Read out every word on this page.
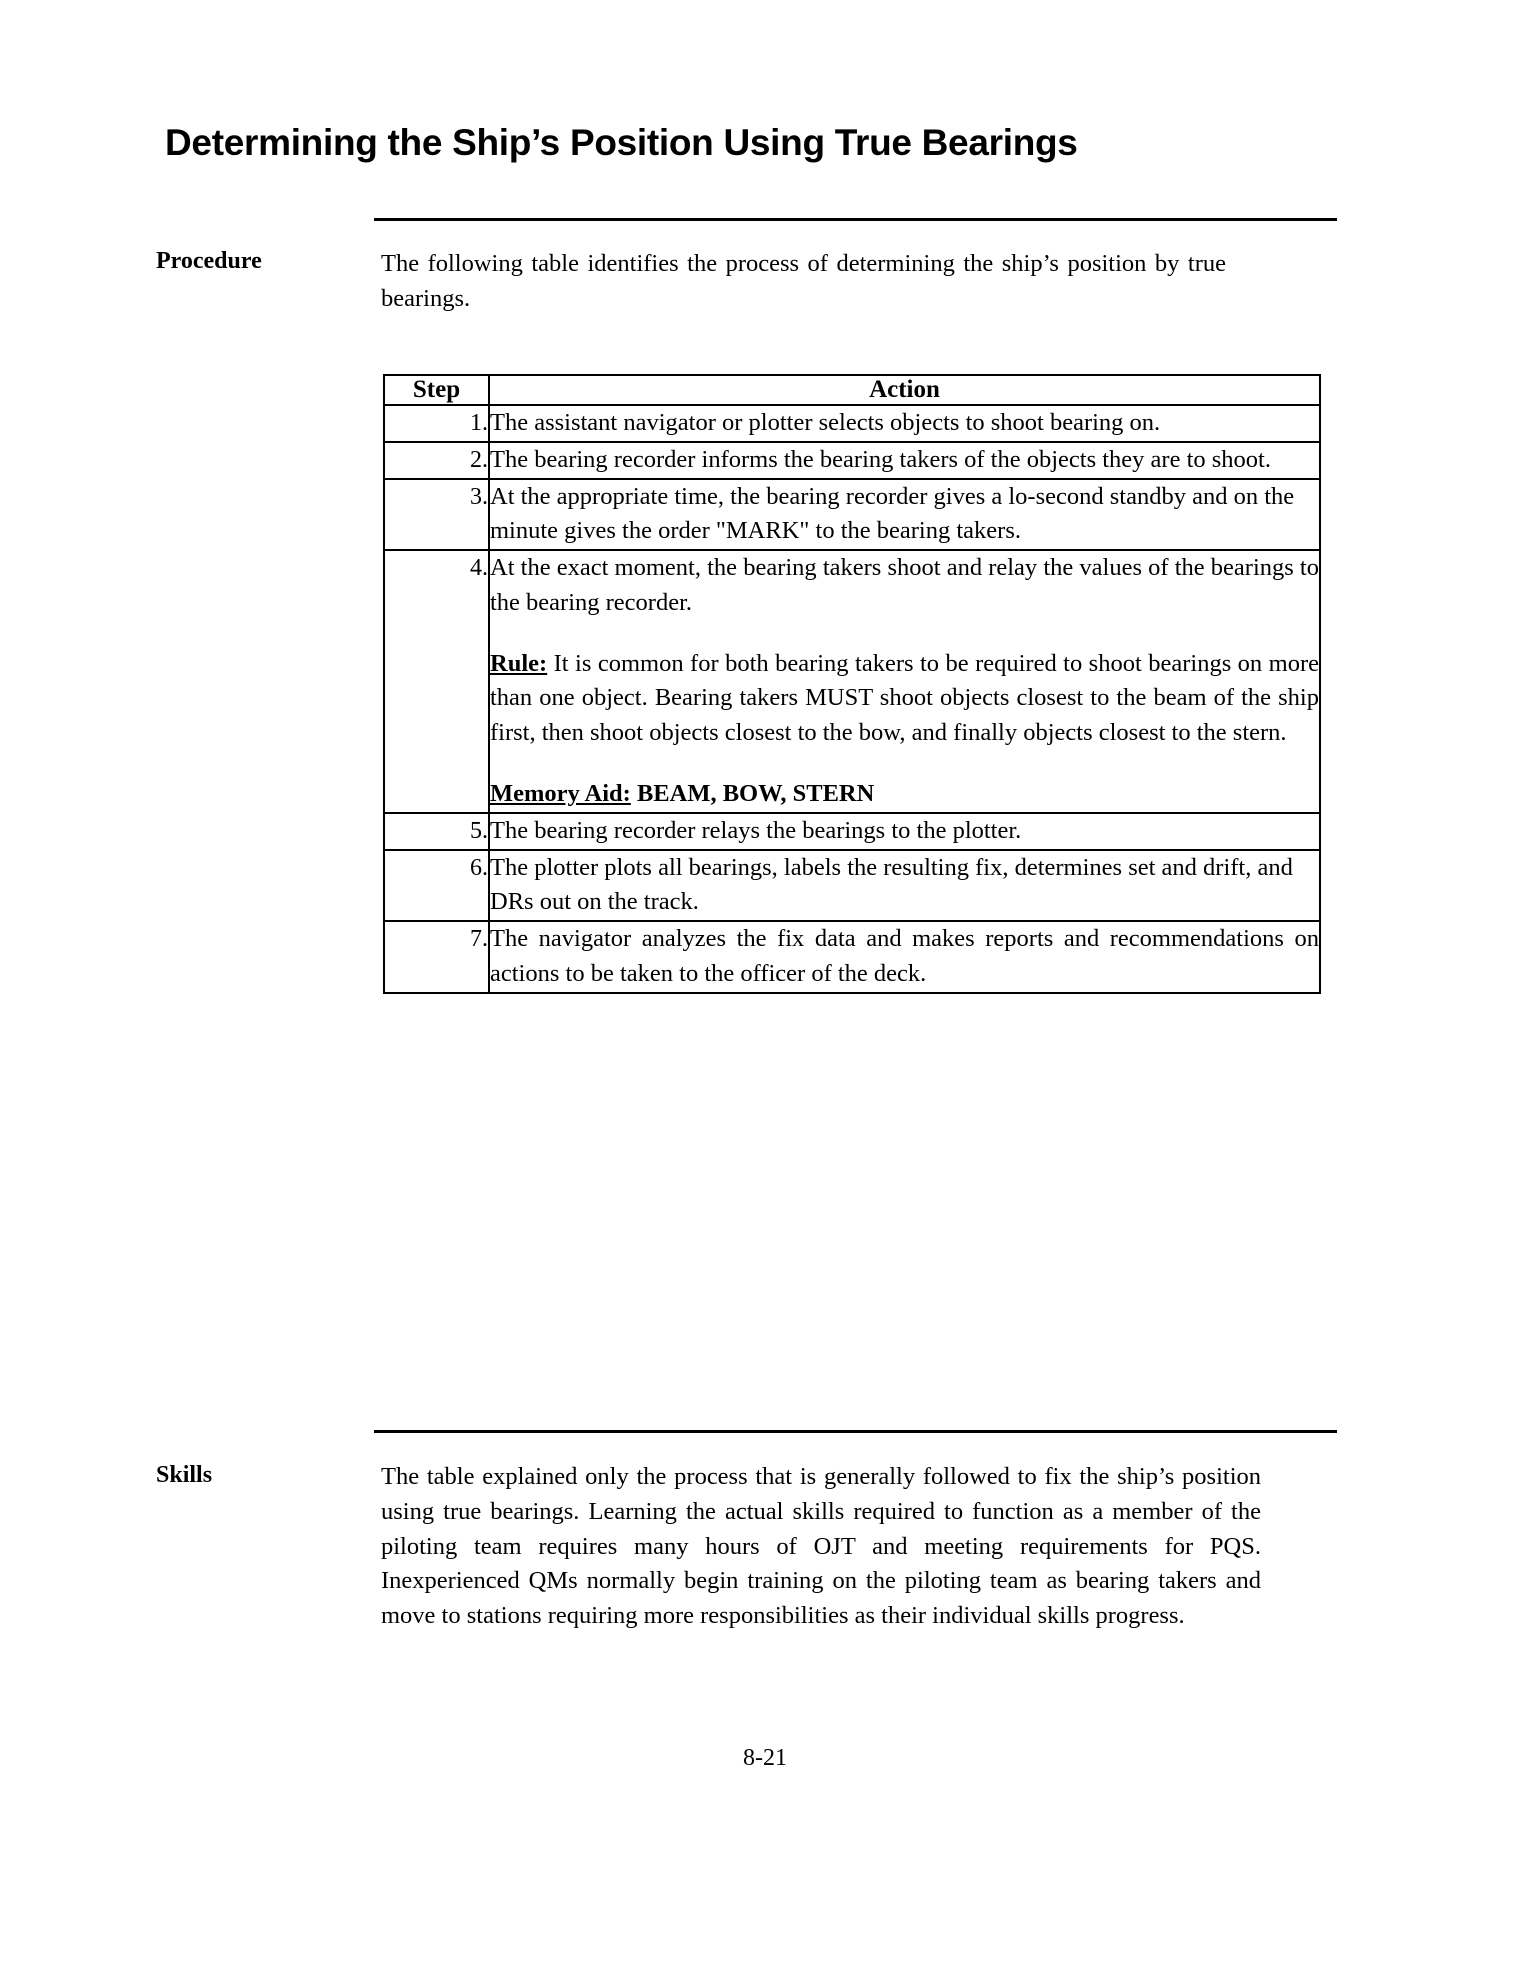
Determining the Ship’s Position Using True Bearings
Procedure	The following table identifies the process of determining the ship’s position by true bearings.
Step	Action
1.	The assistant navigator or plotter selects objects to shoot bearing on.

2.	The bearing recorder informs the bearing takers of the objects they are to shoot.

3.	At the appropriate time, the bearing recorder gives a lo-second standby and on the minute gives the order "MARK" to the bearing takers.

4.	At the exact moment, the bearing takers shoot and relay the values of the bearings to the bearing recorder.

Rule: It is common for both bearing takers to be required to shoot bearings on more than one object. Bearing takers MUST shoot objects closest to the beam of the ship first, then shoot objects closest to the bow, and finally objects closest to the stern.

Memory Aid: BEAM, BOW, STERN

5.	The bearing recorder relays the bearings to the plotter.

6.	The plotter plots all bearings, labels the resulting fix, determines set and drift, and DRs out on the track.

7.	The navigator analyzes the fix data and makes reports and recommendations on actions to be taken to the officer of the deck.

Skills	The table explained only the process that is generally followed to fix the ship’s position using true bearings. Learning the actual skills required to function as a member of the piloting team requires many hours of OJT and meeting requirements for PQS. Inexperienced QMs normally begin training on the piloting team as bearing takers and move to stations requiring more responsibilities as their individual skills progress.
8-21
